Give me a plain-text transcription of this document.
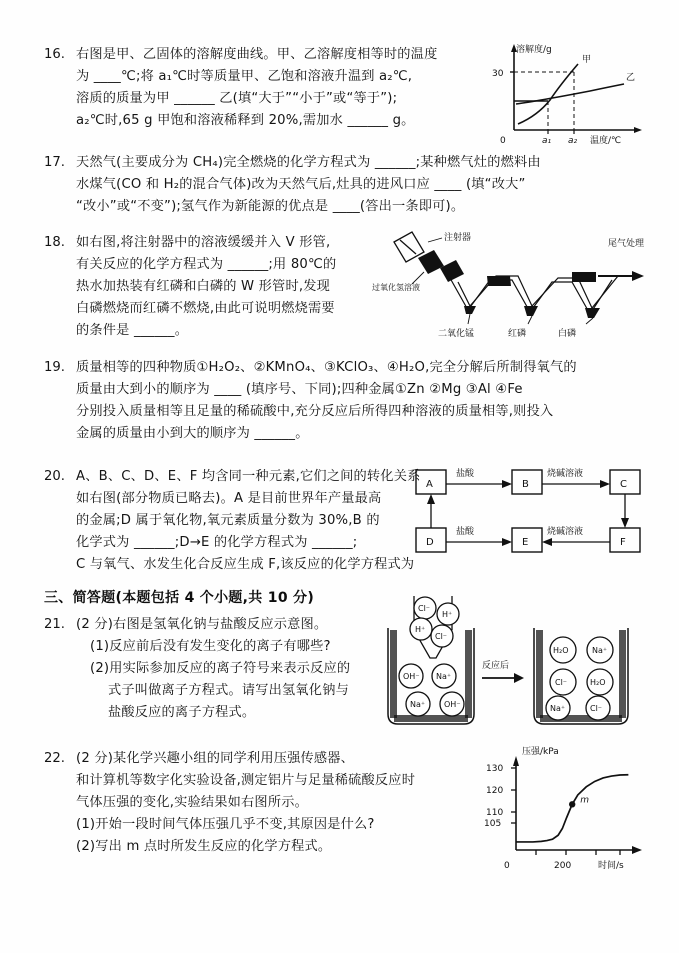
16. 右图是甲、乙固体的溶解度曲线。甲、乙溶解度相等时的温度
为 ____℃;将 a₁℃时等质量甲、乙饱和溶液升温到 a₂℃,
溶质的质量为甲 ______ 乙(填“大于”“小于”或“等于”);
a₂℃时,65 g 甲饱和溶液稀释到 20%,需加水 ______ g。
溶解度/g
30
0	a₁ a₂ 温度/℃
甲
乙
17. 天然气(主要成分为 CH₄)完全燃烧的化学方程式为 ______;某种燃气灶的燃料由
水煤气(CO 和 H₂的混合气体)改为天然气后,灶具的进风口应 ____ (填“改大”
“改小”或“不变”);氢气作为新能源的优点是 ____(答出一条即可)。
18. 如右图,将注射器中的溶液缓缓并入 V 形管,
有关反应的化学方程式为 ______;用 80℃的
热水加热装有红磷和白磷的 W 形管时,发现
白磷燃烧而红磷不燃烧,由此可说明燃烧需要
的条件是 ______。
注射器
过氧化氢溶液
二氧化锰	红磷	白磷
尾气处理
19. 质量相等的四种物质①H₂O₂、②KMnO₄、③KClO₃、④H₂O,完全分解后所制得氧气的
质量由大到小的顺序为 ____ (填序号、下同);四种金属①Zn ②Mg ③Al ④Fe
分别投入质量相等且足量的稀硫酸中,充分反应后所得四种溶液的质量相等,则投入
金属的质量由小到大的顺序为 ______。
20. A、B、C、D、E、F 均含同一种元素,它们之间的转化关系
如右图(部分物质已略去)。A 是目前世界年产量最高
的金属;D 属于氧化物,氧元素质量分数为 30%,B 的
化学式为 ______;D→E 的化学方程式为 ______;
C 与氧气、水发生化合反应生成 F,该反应的化学方程式为
A	B	C
D	E	F
盐酸	烧碱溶液
盐酸	烧碱溶液
三、简答题(本题包括 4 个小题,共 10 分)
21. (2 分)右图是氢氧化钠与盐酸反应示意图。
(1)反应前后没有发生变化的离子有哪些?
(2)用实际参加反应的离子符号来表示反应的
式子叫做离子方程式。请写出氢氧化钠与
盐酸反应的离子方程式。
Cl⁻
H⁺
H⁺
Cl⁻
OH⁻ Na⁺
Na⁺ OH⁻
反应后
H₂O	Na⁺
Cl⁻	H₂O
Na⁺	Cl⁻
22. (2 分)某化学兴趣小组的同学利用压强传感器、
和计算机等数字化实验设备,测定铝片与足量稀硫酸反应时
气体压强的变化,实验结果如右图所示。
(1)开始一段时间气体压强几乎不变,其原因是什么?
(2)写出 m 点时所发生反应的化学方程式。
m
压强/kPa
130
120
110
105
0	200	时间/s
